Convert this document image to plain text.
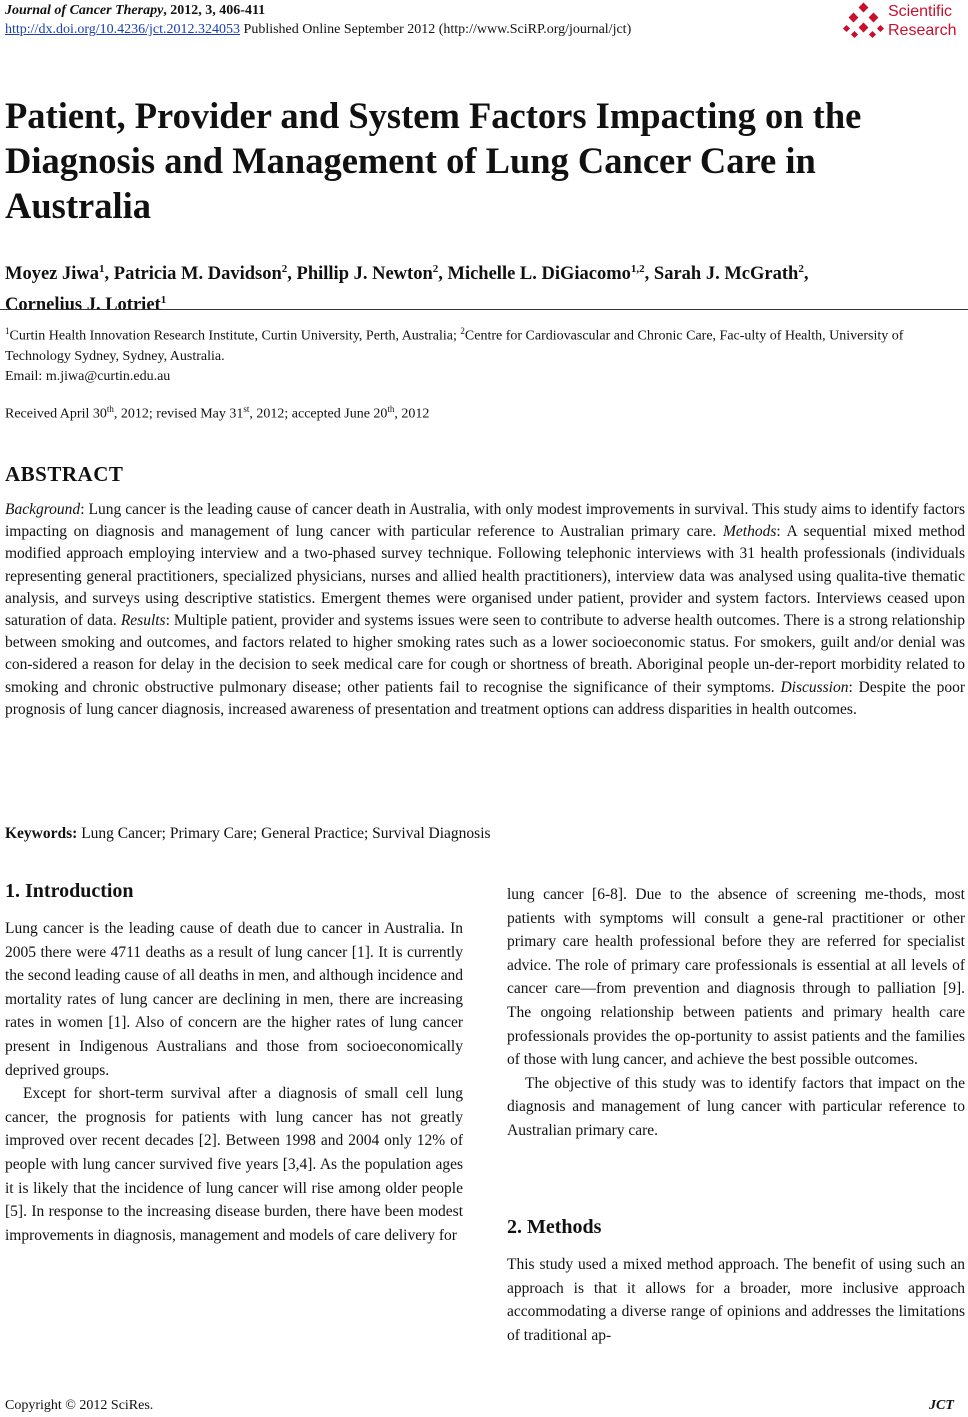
Journal of Cancer Therapy, 2012, 3, 406-411
http://dx.doi.org/10.4236/jct.2012.324053 Published Online September 2012 (http://www.SciRP.org/journal/jct)
Scientific
Research
Patient, Provider and System Factors Impacting on the Diagnosis and Management of Lung Cancer Care in Australia
Moyez Jiwa$^1$, Patricia M. Davidson$^2$, Phillip J. Newton$^2$, Michelle L. DiGiacomo$^{1,2}$, Sarah J. McGrath$^2$,
Cornelius J. Lotriet$^1$
$^1$Curtin Health Innovation Research Institute, Curtin University, Perth, Australia; $^2$Centre for Cardiovascular and Chronic Care, Fac-ulty of Health, University of Technology Sydney, Sydney, Australia.
Email: m.jiwa@curtin.edu.au
Received April 30th, 2012; revised May 31st, 2012; accepted June 20th, 2012
ABSTRACT
Background: Lung cancer is the leading cause of cancer death in Australia, with only modest improvements in survival. This study aims to identify factors impacting on diagnosis and management of lung cancer with particular reference to Australian primary care. Methods: A sequential mixed method modified approach employing interview and a two-phased survey technique. Following telephonic interviews with 31 health professionals (individuals representing general practitioners, specialized physicians, nurses and allied health practitioners), interview data was analysed using qualita-tive thematic analysis, and surveys using descriptive statistics. Emergent themes were organised under patient, provider and system factors. Interviews ceased upon saturation of data. Results: Multiple patient, provider and systems issues were seen to contribute to adverse health outcomes. There is a strong relationship between smoking and outcomes, and factors related to higher smoking rates such as a lower socioeconomic status. For smokers, guilt and/or denial was con-sidered a reason for delay in the decision to seek medical care for cough or shortness of breath. Aboriginal people un-der-report morbidity related to smoking and chronic obstructive pulmonary disease; other patients fail to recognise the significance of their symptoms. Discussion: Despite the poor prognosis of lung cancer diagnosis, increased awareness of presentation and treatment options can address disparities in health outcomes.
Keywords: Lung Cancer; Primary Care; General Practice; Survival Diagnosis
1. Introduction

Lung cancer is the leading cause of death due to cancer in Australia. In 2005 there were 4711 deaths as a result of lung cancer [1]. It is currently the second leading cause of all deaths in men, and although incidence and mortality rates of lung cancer are declining in men, there are increasing rates in women [1]. Also of concern are the higher rates of lung cancer present in Indigenous Australians and those from socioeconomically deprived groups.

Except for short-term survival after a diagnosis of small cell lung cancer, the prognosis for patients with lung cancer has not greatly improved over recent decades [2]. Between 1998 and 2004 only 12% of people with lung cancer survived five years [3,4]. As the population ages it is likely that the incidence of lung cancer will rise among older people [5]. In response to the increasing disease burden, there have been modest improvements in diagnosis, management and models of care delivery for

lung cancer [6-8]. Due to the absence of screening me-thods, most patients with symptoms will consult a gene-ral practitioner or other primary care health professional before they are referred for specialist advice. The role of primary care professionals is essential at all levels of cancer care—from prevention and diagnosis through to palliation [9]. The ongoing relationship between patients and primary health care professionals provides the op-portunity to assist patients and the families of those with lung cancer, and achieve the best possible outcomes.

The objective of this study was to identify factors that impact on the diagnosis and management of lung cancer with particular reference to Australian primary care.

2. Methods

This study used a mixed method approach. The benefit of using such an approach is that it allows for a broader, more inclusive approach accommodating a diverse range of opinions and addresses the limitations of traditional ap-

Copyright © 2012 SciRes.	JCT
